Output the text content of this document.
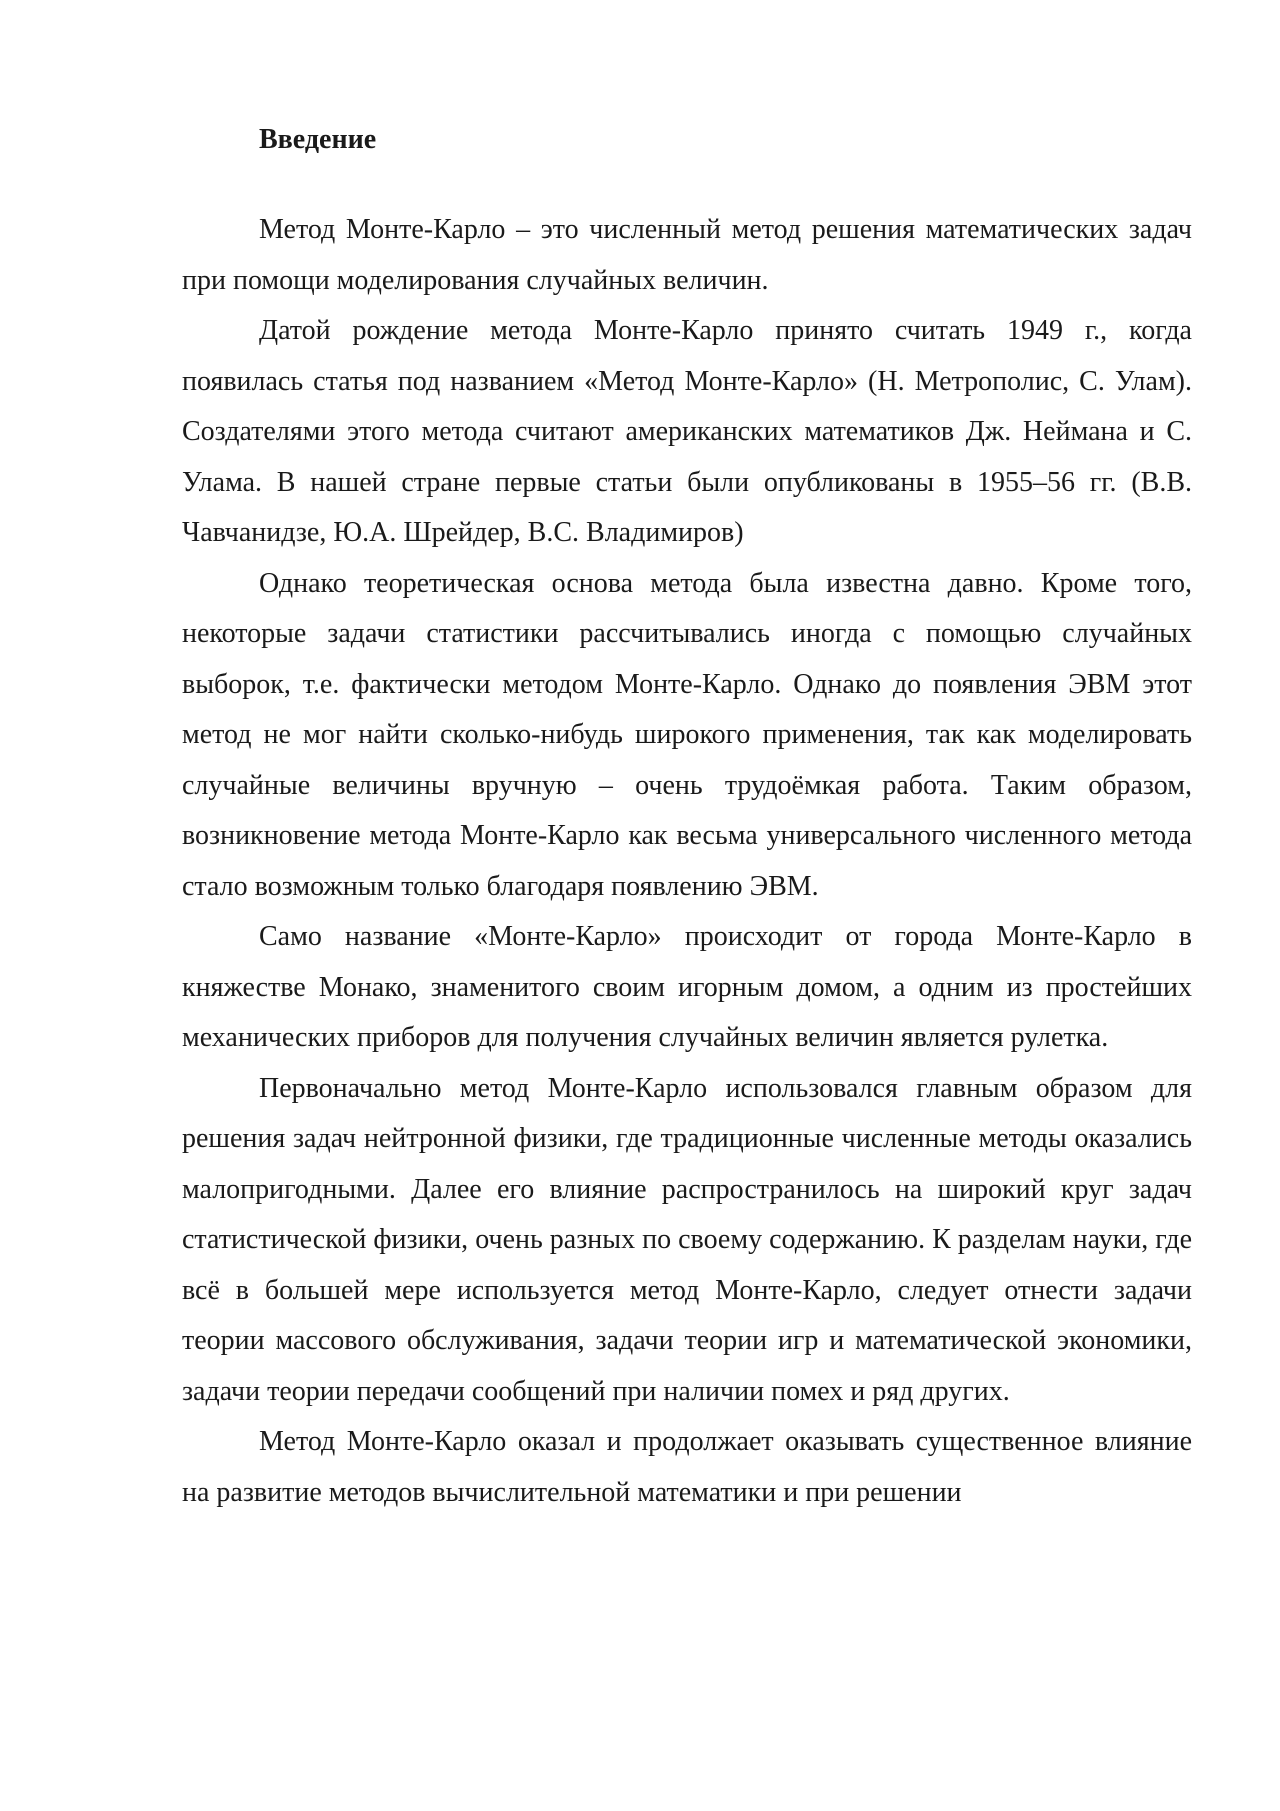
Введение

Метод Монте-Карло – это численный метод решения математических задач при помощи моделирования случайных величин.

Датой рождение метода Монте-Карло принято считать 1949 г., когда появилась статья под названием «Метод Монте-Карло» (Н. Метрополис, С. Улам). Создателями этого метода считают американских математиков Дж. Неймана и С. Улама. В нашей стране первые статьи были опубликованы в 1955–56 гг. (В.В. Чавчанидзе, Ю.А. Шрейдер, В.С. Владимиров)

Однако теоретическая основа метода была известна давно. Кроме того, некоторые задачи статистики рассчитывались иногда с помощью случайных выборок, т.е. фактически методом Монте-Карло. Однако до появления ЭВМ этот метод не мог найти сколько-нибудь широкого применения, так как моделировать случайные величины вручную – очень трудоёмкая работа. Таким образом, возникновение метода Монте-Карло как весьма универсального численного метода стало возможным только благодаря появлению ЭВМ.

Само название «Монте-Карло» происходит от города Монте-Карло в княжестве Монако, знаменитого своим игорным домом, а одним из простейших механических приборов для получения случайных величин является рулетка.

Первоначально метод Монте-Карло использовался главным образом для решения задач нейтронной физики, где традиционные численные методы оказались малопригодными. Далее его влияние распространилось на широкий круг задач статистической физики, очень разных по своему содержанию. К разделам науки, где всё в большей мере используется метод Монте-Карло, следует отнести задачи теории массового обслуживания, задачи теории игр и математической экономики, задачи теории передачи сообщений при наличии помех и ряд других.

Метод Монте-Карло оказал и продолжает оказывать существенное влияние на развитие методов вычислительной математики и при решении
